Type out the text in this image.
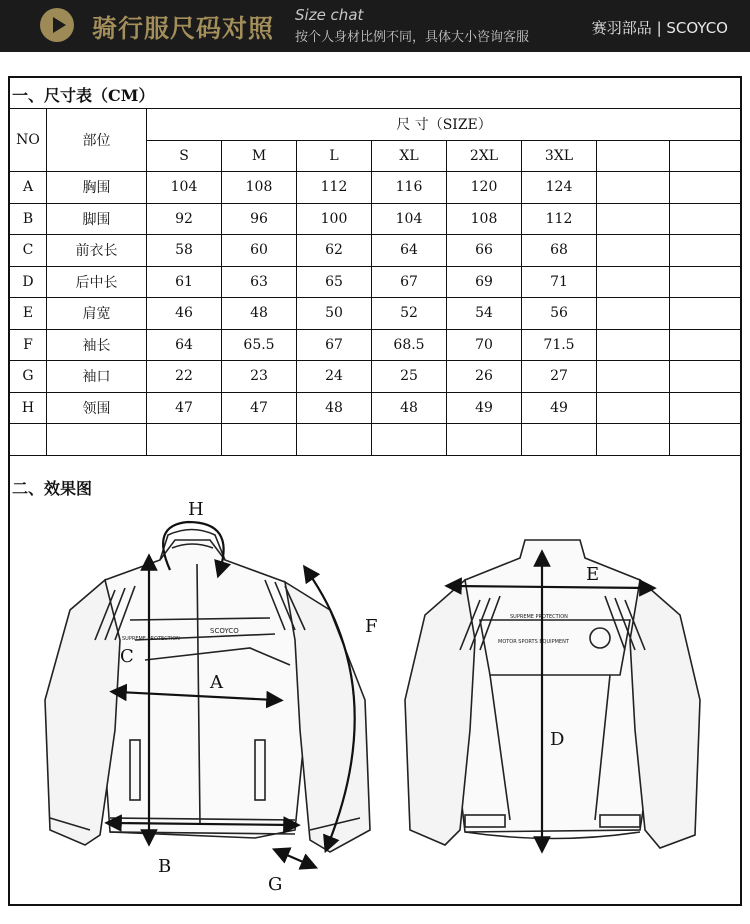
骑行服尺码对照 Size chat
按个人身材比例不同，具体大小咨询客服
赛羽部品 | SCOYCO
一、尺寸表（CM）
NO	部位	尺 寸（SIZE）							
		S	M	L	XL	2XL	3XL		
A	胸围	104	108	112	116	120	124		
B	脚围	92	96	100	104	108	112		
C	前衣长	58	60	62	64	66	68		
D	后中长	61	63	65	67	69	71		
E	肩宽	46	48	50	52	54	56		
F	袖长	64	65.5	67	68.5	70	71.5		
G	袖口	22	23	24	25	26	27		
H	领围	47	47	48	48	49	49		

二、效果图
SCOYCO
SUPREME PROTECTION
SUPREME PROTECTION
MOTOR SPORTS EQUIPMENT
H
C
A
B
F
G
E
D
